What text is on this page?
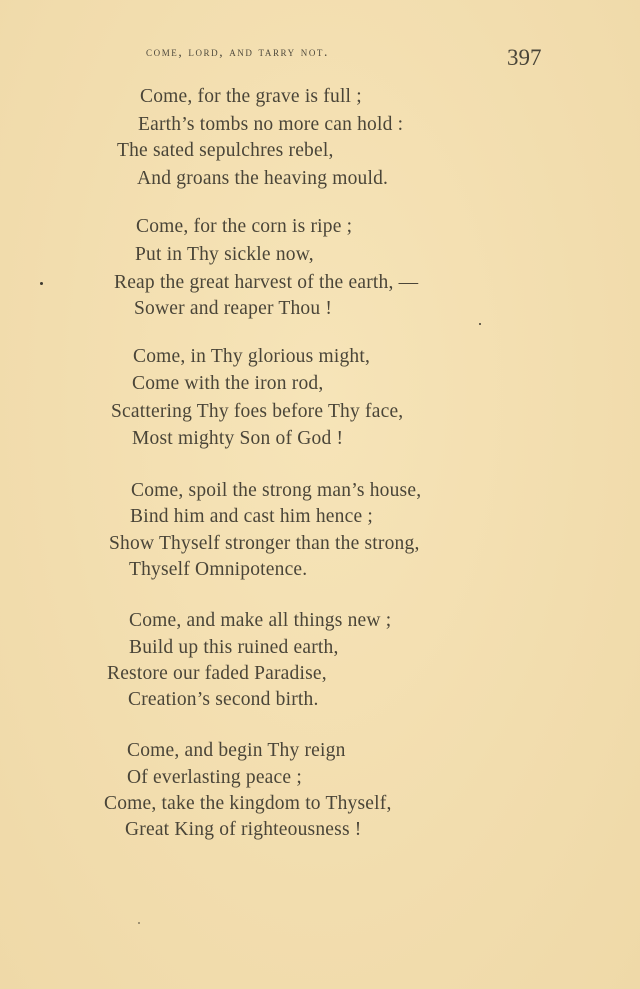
come, lord, and tarry not.	397
Come, for the grave is full ;
Earth’s tombs no more can hold :
The sated sepulchres rebel,
And groans the heaving mould.
Come, for the corn is ripe ;
Put in Thy sickle now,
Reap the great harvest of the earth, —
Sower and reaper Thou !
Come, in Thy glorious might,
Come with the iron rod,
Scattering Thy foes before Thy face,
Most mighty Son of God !
Come, spoil the strong man’s house,
Bind him and cast him hence ;
Show Thyself stronger than the strong,
Thyself Omnipotence.
Come, and make all things new ;
Build up this ruined earth,
Restore our faded Paradise,
Creation’s second birth.
Come, and begin Thy reign
Of everlasting peace ;
Come, take the kingdom to Thyself,
Great King of righteousness !
